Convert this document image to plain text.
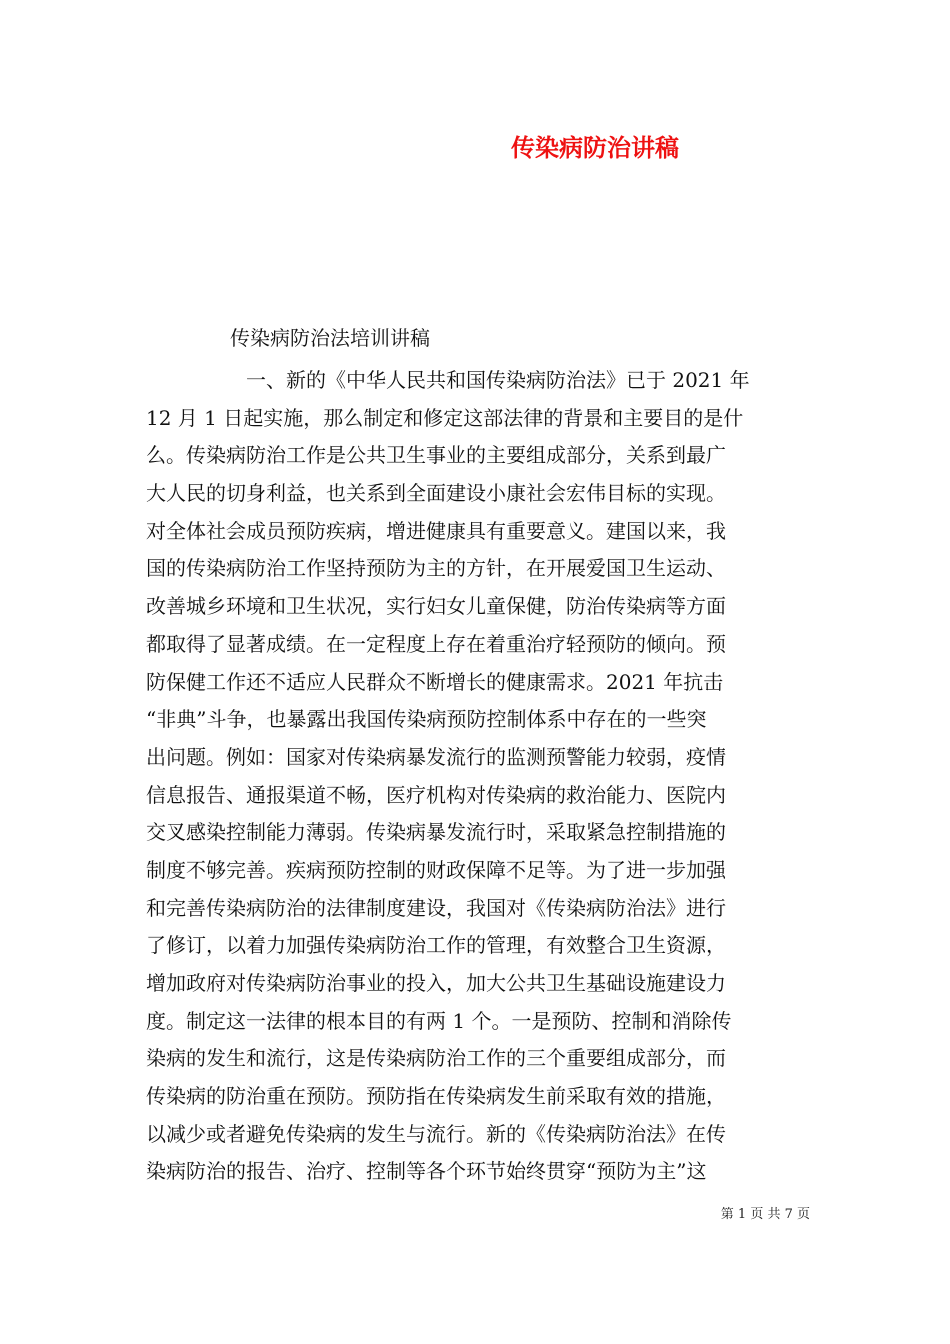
传染病防治讲稿
传染病防治法培训讲稿
一、新的《中华人民共和国传染病防治法》已于 2021 年
12 月 1 日起实施，那么制定和修定这部法律的背景和主要目的是什
么。传染病防治工作是公共卫生事业的主要组成部分，关系到最广
大人民的切身利益，也关系到全面建设小康社会宏伟目标的实现。
对全体社会成员预防疾病，增进健康具有重要意义。建国以来，我
国的传染病防治工作坚持预防为主的方针，在开展爱国卫生运动、
改善城乡环境和卫生状况，实行妇女儿童保健，防治传染病等方面
都取得了显著成绩。在一定程度上存在着重治疗轻预防的倾向。预
防保健工作还不适应人民群众不断增长的健康需求。2021 年抗击
“非典”斗争，也暴露出我国传染病预防控制体系中存在的一些突
出问题。例如：国家对传染病暴发流行的监测预警能力较弱，疫情
信息报告、通报渠道不畅，医疗机构对传染病的救治能力、医院内
交叉感染控制能力薄弱。传染病暴发流行时，采取紧急控制措施的
制度不够完善。疾病预防控制的财政保障不足等。为了进一步加强
和完善传染病防治的法律制度建设，我国对《传染病防治法》进行
了修订，以着力加强传染病防治工作的管理，有效整合卫生资源，
增加政府对传染病防治事业的投入，加大公共卫生基础设施建设力
度。制定这一法律的根本目的有两 1 个。一是预防、控制和消除传
染病的发生和流行，这是传染病防治工作的三个重要组成部分，而
传染病的防治重在预防。预防指在传染病发生前采取有效的措施，
以减少或者避免传染病的发生与流行。新的《传染病防治法》在传
染病防治的报告、治疗、控制等各个环节始终贯穿“预防为主”这
第 1 页 共 7 页
